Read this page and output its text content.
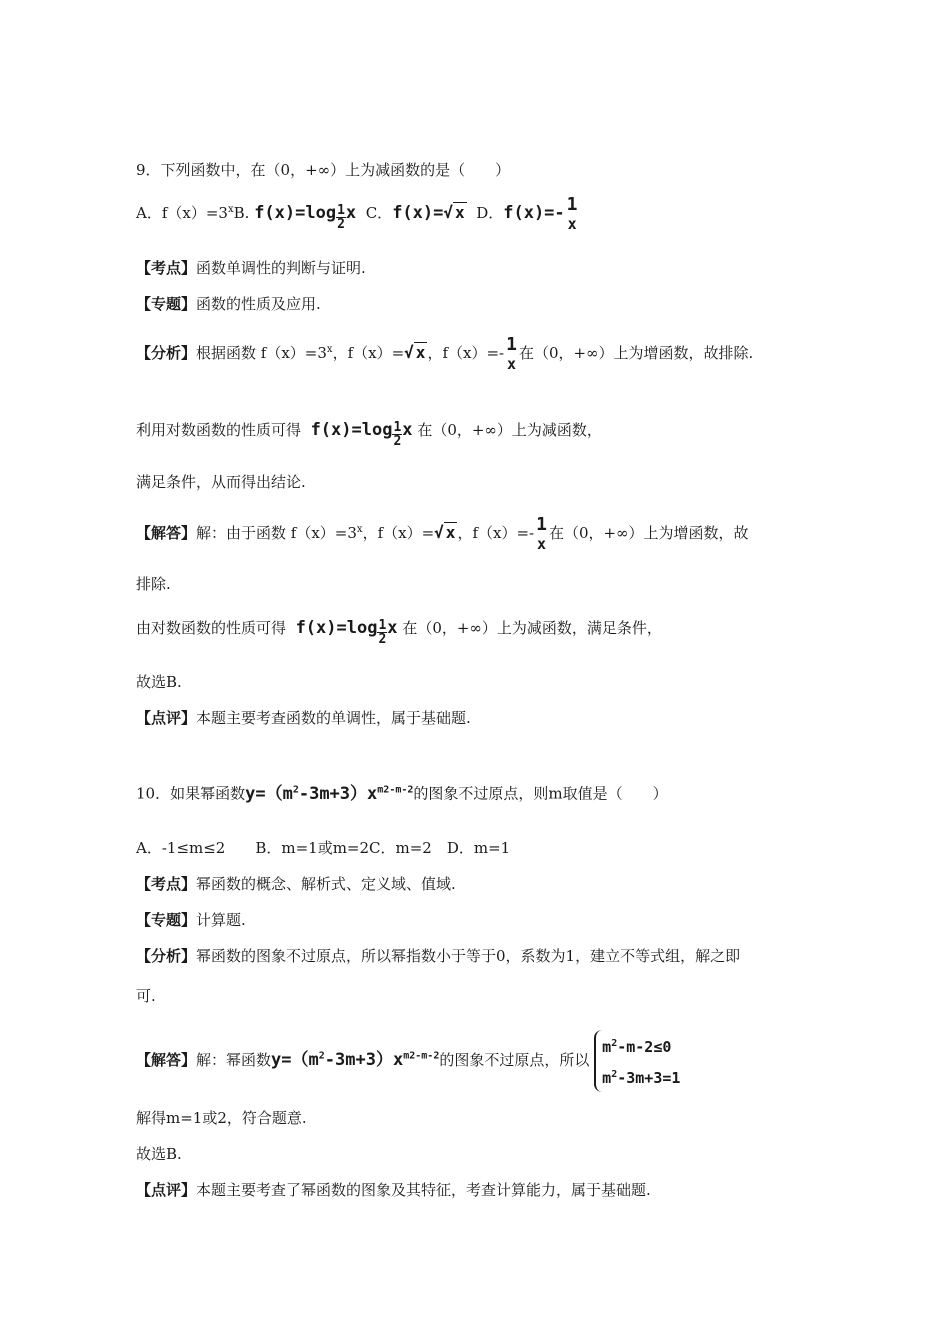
9．下列函数中，在（0，+∞）上为减函数的是（　　）
A．$f(x)=3^xB$. $f(x)=\log \frac{1}{2}$ x C．f(x)=√ x D．f(x)=- 1
x
【考点】函数单调性的判断与证明.
【专题】函数的性质及应用.
【分析】根据函数 $f(x)=3^x$，f（x）=√ x ，f（x）=- 1
x
在（0，+∞）上为增函数，故排除.
利用对数函数的性质可得 $f(x)=\log \frac{1}{2}$ x 在（0，+∞）上为减函数，
满足条件，从而得出结论.
【解答】解：由于函数 $f(x)=3^x$，f（x）=√ x ，f（x）=- 1
x
在（0，+∞）上为增函数，故
排除.
由对数函数的性质可得 $f(x)=\log \frac{1}{2}$ x 在（0，+∞）上为减函数，满足条件，
故选B.
【点评】本题主要考查函数的单调性，属于基础题.
10．如果幂函数$y=(m^2-3m+3)x^{m2-m-2}$的图象不过原点，则m取值是（　　）
A．-1≤m≤2　　B．m=1或m=2C．m=2　D．m=1
【考点】幂函数的概念、解析式、定义域、值域.
【专题】计算题.
【分析】幂函数的图象不过原点，所以幂指数小于等于0，系数为1，建立不等式组，解之即
可.
【解答】解：幂函数$y=(m^2-3m+3)x^{m2-m-2}$的图象不过原点，所以
$m^2-m-2\le 0$
$m^2-3m+3=1$
解得m=1或2，符合题意.
故选B.
【点评】本题主要考查了幂函数的图象及其特征，考查计算能力，属于基础题.
